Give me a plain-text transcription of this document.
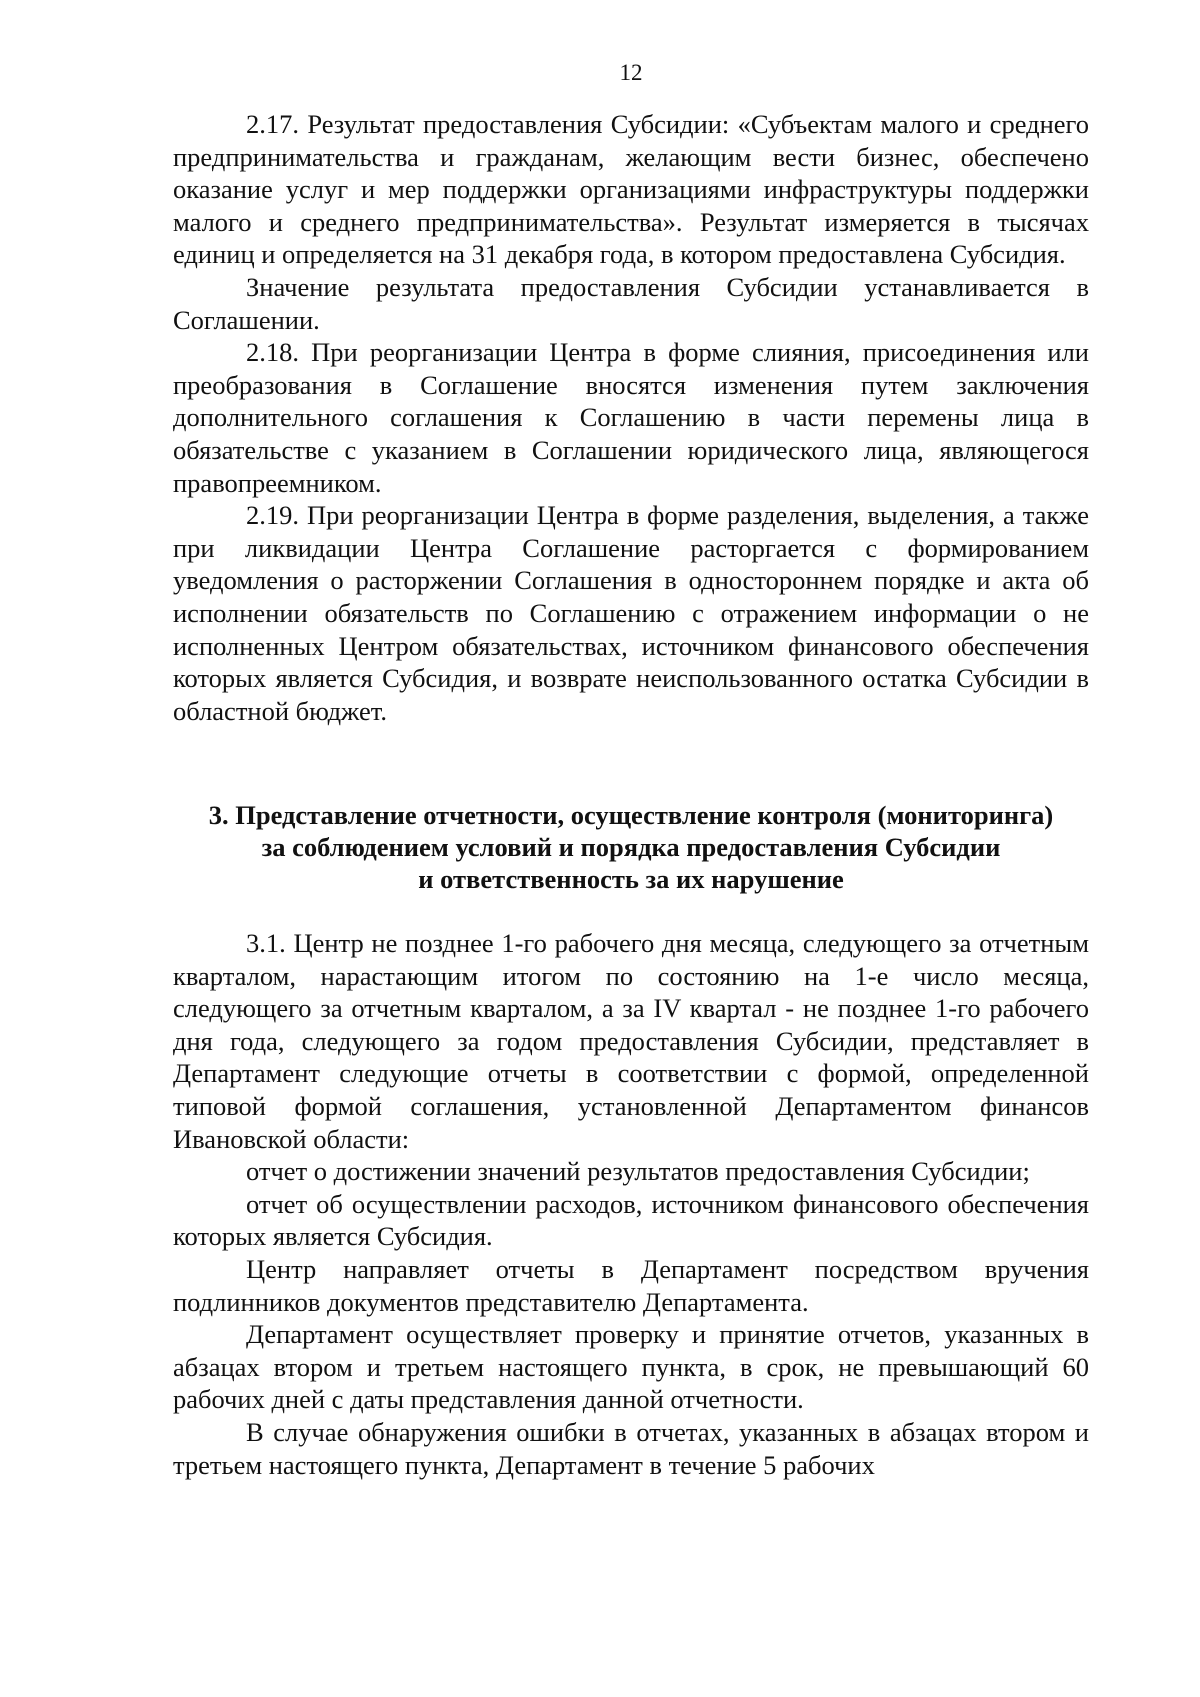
12

2.17. Результат предоставления Субсидии: «Субъектам малого и среднего предпринимательства и гражданам, желающим вести бизнес, обеспечено оказание услуг и мер поддержки организациями инфраструктуры поддержки малого и среднего предпринимательства». Результат измеряется в тысячах единиц и определяется на 31 декабря года, в котором предоставлена Субсидия.

Значение результата предоставления Субсидии устанавливается в Соглашении.

2.18. При реорганизации Центра в форме слияния, присоединения или преобразования в Соглашение вносятся изменения путем заключения дополнительного соглашения к Соглашению в части перемены лица в обязательстве с указанием в Соглашении юридического лица, являющегося правопреемником.

2.19. При реорганизации Центра в форме разделения, выделения, а также при ликвидации Центра Соглашение расторгается с формированием уведомления о расторжении Соглашения в одностороннем порядке и акта об исполнении обязательств по Соглашению с отражением информации о не исполненных Центром обязательствах, источником финансового обеспечения которых является Субсидия, и возврате неиспользованного остатка Субсидии в областной бюджет.

3. Представление отчетности, осуществление контроля (мониторинга)
за соблюдением условий и порядка предоставления Субсидии
и ответственность за их нарушение

3.1. Центр не позднее 1-го рабочего дня месяца, следующего за отчетным кварталом, нарастающим итогом по состоянию на 1-е число месяца, следующего за отчетным кварталом, а за IV квартал - не позднее 1-го рабочего дня года, следующего за годом предоставления Субсидии, представляет в Департамент следующие отчеты в соответствии с формой, определенной типовой формой соглашения, установленной Департаментом финансов Ивановской области:

отчет о достижении значений результатов предоставления Субсидии;

отчет об осуществлении расходов, источником финансового обеспечения которых является Субсидия.

Центр направляет отчеты в Департамент посредством вручения подлинников документов представителю Департамента.

Департамент осуществляет проверку и принятие отчетов, указанных в абзацах втором и третьем настоящего пункта, в срок, не превышающий 60 рабочих дней с даты представления данной отчетности.

В случае обнаружения ошибки в отчетах, указанных в абзацах втором и третьем настоящего пункта, Департамент в течение 5 рабочих
